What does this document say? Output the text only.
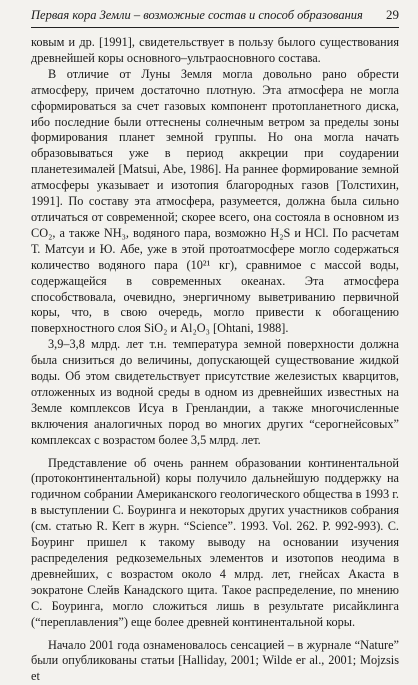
Первая кора Земли – возможные состав и способ образования 29

ковым и др. [1991], свидетельствует в пользу былого существования древнейшей коры основного–ультраосновного состава.

В отличие от Луны Земля могла довольно рано обрести атмосферу, причем достаточно плотную. Эта атмосфера не могла сформироваться за счет газовых компонент протопланетного диска, ибо последние были оттеснены солнечным ветром за пределы зоны формирования планет земной группы. Но она могла начать образовываться уже в период аккреции при соударении планетезималей [Matsui, Abe, 1986]. На раннее формирование земной атмосферы указывает и изотопия благородных газов [Толстихин, 1991]. По составу эта атмосфера, разумеется, должна была сильно отличаться от современной; скорее всего, она состояла в основном из CO₂, а также NH₃, водяного пара, возможно H₂S и HCl. По расчетам Т. Матсуи и Ю. Абе, уже в этой протоатмосфере могло содержаться количество водяного пара (10²¹ кг), сравнимое с массой воды, содержащейся в современных океанах. Эта атмосфера способствовала, очевидно, энергичному выветриванию первичной коры, что, в свою очередь, могло привести к обогащению поверхностного слоя SiO₂ и Al₂O₃ [Ohtani, 1988].

3,9–3,8 млрд. лет т.н. температура земной поверхности должна была снизиться до величины, допускающей существование жидкой воды. Об этом свидетельствует присутствие железистых кварцитов, отложенных из водной среды в одном из древнейших известных на Земле комплексов Исуа в Гренландии, а также многочисленные включения аналогичных пород во многих других “серогнейсовых” комплексах с возрастом более 3,5 млрд. лет.

Представление об очень раннем образовании континентальной (протоконтинентальной) коры получило дальнейшую поддержку на годичном собрании Американского геологического общества в 1993 г. в выступлении С. Боуринга и некоторых других участников собрания (см. статью R. Kerr в журн. “Science”. 1993. Vol. 262. P. 992-993). С. Боуринг пришел к такому выводу на основании изучения распределения редкоземельных элементов и изотопов неодима в древнейших, с возрастом около 4 млрд. лет, гнейсах Акаста в эократоне Слейв Канадского щита. Такое распределение, по мнению С. Боуринга, могло сложиться лишь в результате рисайклинга (“переплавления”) еще более древней континентальной коры.

Начало 2001 года ознаменовалось сенсацией – в журнале “Nature” были опубликованы статьи [Halliday, 2001; Wilde er al., 2001; Mojzsis et
